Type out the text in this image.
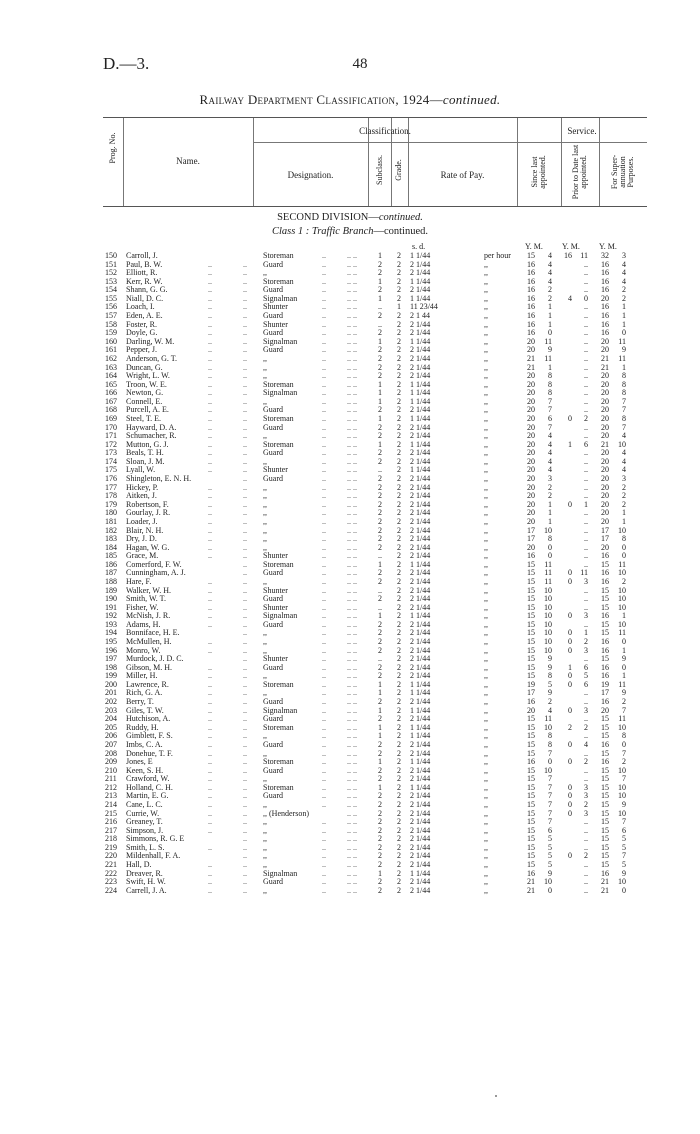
D.—3.	48
Railway Department Classification, 1924—continued.
Prog. No.	Name.
Classification.
Designation.	Subclass. Grade.	Rate of Pay.
Service.
Since last appointed.	Prior to Date last appointed.	For Super-annuation Purposes.
SECOND DIVISION—continued.
Class 1 : Traffic Branch—continued.
s. d.	Y. M. Y. M. Y. M.
150 Carroll, J.	Storeman	..	.. ..	1	2	1 1/44	per hour	15	4	16	11	32	3
151 Paul, B. W.	..	.. Guard	..	.. ..	2	2	2 1/44	,,	16	4	..	16	4
152 Elliott, R.	..	.. ,,	..	.. ..	2	2	2 1/44	,,	16	4	..	16	4
153 Kerr, R. W.	..	.. Storeman	..	.. ..	1	2	1 1/44	,,	16	4	..	16	4
154 Shann, G. G.	..	.. Guard	..	.. ..	2	2	2 1/44	,,	16	2	..	16	2
155 Niall, D. C.	..	.. Signalman	..	.. ..	1	2	1 1/44	,,	16	2	4	0	20	2
156 Loach, I.	..	.. Shunter	..	.. ..	..	1	11 23/44	,,	16	1	..	16	1
157 Eden, A. E.	..	.. Guard	..	.. ..	2	2	2 1 44	,,	16	1	..	16	1
158 Foster, R.	..	.. Shunter	..	.. ..	..	2	2 1/44	,,	16	1	..	16	1
159 Doyle, G.	..	.. Guard	..	.. ..	2	2	2 1/44	,,	16	0	..	16	0
160 Darling, W. M.	..	.. Signalman	..	.. ..	1	2	1 1/44	,,	20	11	..	20	11
161 Pepper, J.	..	.. Guard	..	.. ..	2	2	2 1/44	,,	20	9	..	20	9
162 Anderson, G. T.	..	.. ,,	..	.. ..	2	2	2 1/44	,,	21	11	..	21	11
163 Duncan, G.	..	.. ,,	..	.. ..	2	2	2 1/44	,,	21	1	..	21	1
164 Wright, L. W.	..	.. ,,	..	.. ..	2	2	2 1/44	,,	20	8	..	20	8
165 Troon, W. E.	..	.. Storeman	..	.. ..	1	2	1 1/44	,,	20	8	..	20	8
166 Newton, G.	..	.. Signalman	..	.. ..	1	2	1 1/44	,,	20	8	..	20	8
167 Connell, E.	..	.. ,,	..	.. ..	1	2	1 1/44	,,	20	7	..	20	7
168 Purcell, A. E.	..	.. Guard	..	.. ..	2	2	2 1/44	,,	20	7	..	20	7
169 Steel, T. E.	..	.. Storeman	..	.. ..	1	2	1 1/44	,,	20	6	0	2	20	8
170 Hayward, D. A.	..	.. Guard	..	.. ..	2	2	2 1/44	,,	20	7	..	20	7
171 Schumacher, R.	..	.. ,,	..	.. ..	2	2	2 1/44	,,	20	4	..	20	4
172 Mutton, G. J.	..	.. Storeman	..	.. ..	1	2	1 1/44	,,	20	4	1	6	21	10
173 Beals, T. H.	..	.. Guard	..	.. ..	2	2	2 1/44	,,	20	4	..	20	4
174 Sloan, J. M.	..	.. ,,	..	.. ..	2	2	2 1/44	,,	20	4	..	20	4
175 Lyall, W.	..	.. Shunter	..	.. ..	..	2	1 1/44	,,	20	4	..	20	4
176 Shingleton, E. N. H.	.. Guard	..	.. ..	2	2	2 1/44	,,	20	3	..	20	3
177 Hickey, P.	..	.. ,,	..	.. ..	2	2	2 1/44	,,	20	2	..	20	2
178 Aitken, J.	..	.. ,,	..	.. ..	2	2	2 1/44	,,	20	2	..	20	2
179 Robertson, F.	..	.. ,,	..	.. ..	2	2	2 1/44	,,	20	1	0	1	20	2
180 Gourlay, J. R.	..	.. ,,	..	.. ..	2	2	2 1/44	,,	20	1	..	20	1
181 Loader, J.	..	.. ,,	..	.. ..	2	2	2 1/44	,,	20	1	..	20	1
182 Blair, N. H.	..	.. ,,	..	.. ..	2	2	2 1/44	,,	17	10	..	17	10
183 Dry, J. D.	..	.. ,,	..	.. ..	2	2	2 1/44	,,	17	8	..	17	8
184 Hagan, W. G.	..	.. ,,	..	.. ..	2	2	2 1/44	,,	20	0	..	20	0
185 Grace, M.	..	.. Shunter	..	.. ..	..	2	2 1/44	,,	16	0	..	16	0
186 Comerford, F. W.	.. Storeman	..	.. ..	1	2	1 1/44	,,	15	11	..	15	11
187 Cunningham, A. J.	.. Guard	..	.. ..	2	2	2 1/44	,,	15	11	0	11	16	10
188 Hare, F.	..	.. ,,	..	.. ..	2	2	2 1/44	,,	15	11	0	3	16	2
189 Walker, W. H.	..	.. Shunter	..	.. ..	..	2	2 1/44	,,	15	10	..	15	10
190 Smith, W. T.	..	.. Guard	..	.. ..	2	2	2 1/44	,,	15	10	..	15	10
191 Fisher, W.	..	.. Shunter	..	.. ..	..	2	2 1/44	,,	15	10	..	15	10
192 McNish, J. R.	..	.. Signalman	..	.. ..	1	2	1 1/44	,,	15	10	0	3	16	1
193 Adams, H.	..	.. Guard	..	.. ..	2	2	2 1/44	,,	15	10	..	15	10
194 Bonniface, H. E.	.. ,,	..	.. ..	2	2	2 1/44	,,	15	10	0	1	15	11
195 McMullen, H.	..	.. ,,	..	.. ..	2	2	2 1/44	,,	15	10	0	2	16	0
196 Monro, W.	..	.. ,,	..	.. ..	2	2	2 1/44	,,	15	10	0	3	16	1
197 Murdock, J. D. C.	.. Shunter	..	.. ..	..	2	2 1/44	,,	15	9	..	15	9
198 Gibson, M. H.	..	.. Guard	..	.. ..	2	2	2 1/44	,,	15	9	1	6	16	0
199 Miller, H.	..	.. ,,	..	.. ..	2	2	2 1/44	,,	15	8	0	5	16	1
200 Lawrence, R.	..	.. Storeman	..	.. ..	1	2	1 1/44	,,	19	5	0	6	19	11
201 Rich, G. A.	..	.. ,,	..	.. ..	1	2	1 1/44	,,	17	9	..	17	9
202 Berry, T.	..	.. Guard	..	.. ..	2	2	2 1/44	,,	16	2	..	16	2
203 Giles, T. W.	..	.. Signalman	..	.. ..	1	2	1 1/44	,,	20	4	0	3	20	7
204 Hutchison, A.	..	.. Guard	..	.. ..	2	2	2 1/44	,,	15	11	..	15	11
205 Ruddy, H.	..	.. Storeman	..	.. ..	1	2	1 1/44	,,	15	10	2	2	15	10
206 Gimblett, F. S.	..	.. ,,	..	.. ..	1	2	1 1/44	,,	15	8	..	15	8
207 Imbs, C. A.	..	.. Guard	..	.. ..	2	2	2 1/44	,,	15	8	0	4	16	0
208 Donehue, T. F.	..	.. ,,	..	.. ..	2	2	2 1/44	,,	15	7	..	15	7
209 Jones, E	..	.. Storeman	..	.. ..	1	2	1 1/44	,,	16	0	0	2	16	2
210 Keen, S. H.	..	.. Guard	..	.. ..	2	2	2 1/44	,,	15	10	..	15	10
211 Crawford, W.	..	.. ,,	..	.. ..	2	2	2 1/44	,,	15	7	..	15	7
212 Holland, C. H.	..	.. Storeman	..	.. ..	1	2	1 1/44	,,	15	7	0	3	15	10
213 Martin, E. G.	..	.. Guard	..	.. ..	2	2	2 1/44	,,	15	7	0	3	15	10
214 Cane, L. C.	..	.. ,,	..	.. ..	2	2	2 1/44	,,	15	7	0	2	15	9
215 Currie, W.	..	.. ,, (Henderson)	.. ..	2	2	2 1/44	,,	15	7	0	3	15	10
216 Greaney, T.	..	.. ,,	..	.. ..	2	2	2 1/44	,,	15	7	..	15	7
217 Simpson, J.	..	.. ,,	..	.. ..	2	2	2 1/44	,,	15	6	..	15	6
218 Simmons, R. G. E	.. ,,	..	.. ..	2	2	2 1/44	,,	15	5	..	15	5
219 Smith, L. S.	..	.. ,,	..	.. ..	2	2	2 1/44	,,	15	5	..	15	5
220 Mildenhall, F. A.	.. ,,	..	.. ..	2	2	2 1/44	,,	15	5	0	2	15	7
221 Hall, D.	..	.. ,,	..	.. ..	2	2	2 1/44	,,	15	5	..	15	5
222 Dreaver, R.	..	.. Signalman	..	.. ..	1	2	1 1/44	,,	16	9	..	16	9
223 Swift, H. W.	..	.. Guard	..	.. ..	2	2	2 1/44	,,	21	10	..	21	10
224 Carrell, J. A.	..	.. ,,	..	.. ..	2	2	2 1/44	,,	21	0	..	21	0
